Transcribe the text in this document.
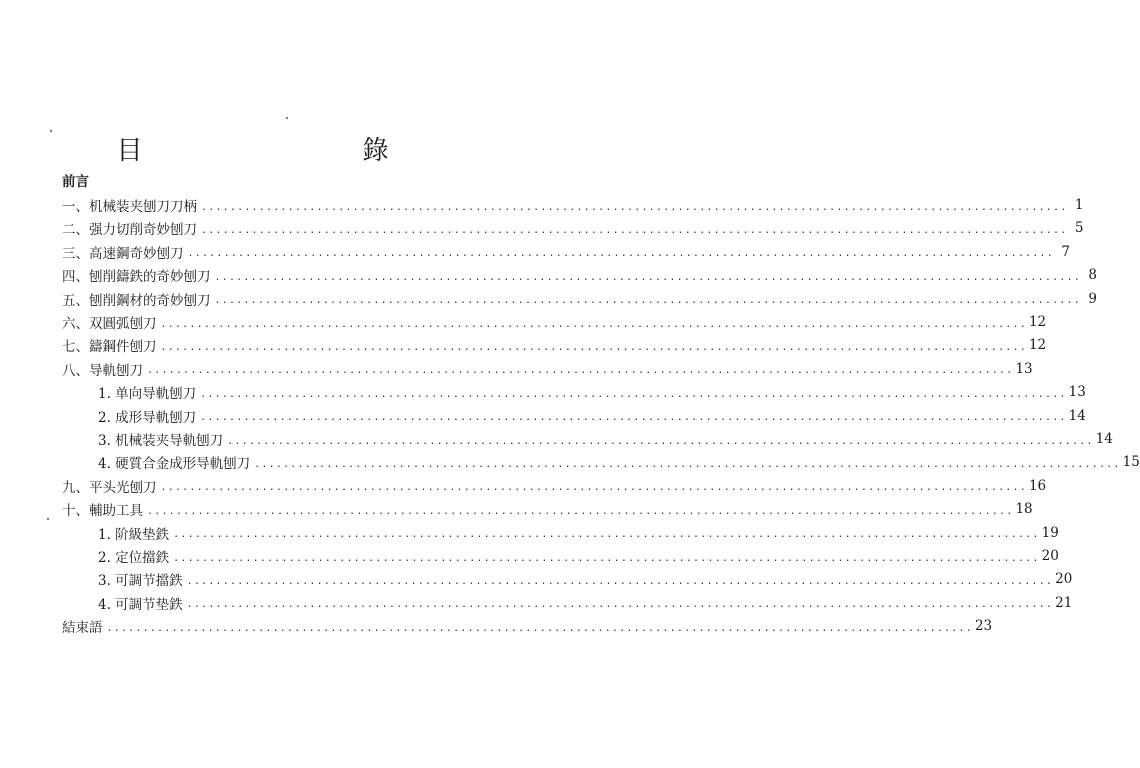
目　　錄
前言
一、机械装夹刨刀刀柄 ........................................................................................................................ 1
二、强力切削奇妙刨刀 ........................................................................................................................ 5
三、高速鋼奇妙刨刀 ........................................................................................................................ 7
四、刨削鑄鉄的奇妙刨刀 ........................................................................................................................ 8
五、刨削鋼材的奇妙刨刀 ........................................................................................................................ 9
六、双圓弧刨刀 ........................................................................................................................ 12
七、鑄鋼件刨刀 ........................................................................................................................ 12
八、导軌刨刀 ........................................................................................................................ 13
1. 单向导軌刨刀 ........................................................................................................................ 13
2. 成形导軌刨刀 ........................................................................................................................ 14
3. 机械装夹导軌刨刀 ........................................................................................................................ 14
4. 硬質合金成形导軌刨刀 ........................................................................................................................ 15
九、平头光刨刀 ........................................................................................................................ 16
十、輔助工具 ........................................................................................................................ 18
1. 阶級垫鉄 ........................................................................................................................ 19
2. 定位擋鉄 ........................................................................................................................ 20
3. 可調节擋鉄 ........................................................................................................................ 20
4. 可調节垫鉄 ........................................................................................................................ 21
結束語 ........................................................................................................................ 23
